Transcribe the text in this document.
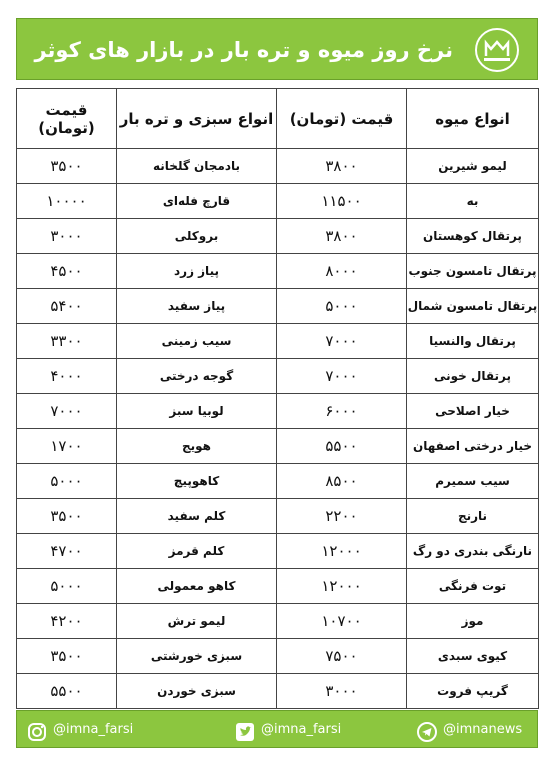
نرخ روز میوه و تره بار در بازار های کوثر
انواع میوه	قیمت (تومان)	انواع سبزی و تره بار	قیمت (تومان)
لیمو شیرین	۳۸۰۰	بادمجان گلخانه	۳۵۰۰
به	۱۱۵۰۰	قارچ فله‌ای	۱۰۰۰۰
پرتقال کوهستان	۳۸۰۰	بروکلی	۳۰۰۰
پرتقال تامسون جنوب	۸۰۰۰	پیاز زرد	۴۵۰۰
پرتقال تامسون شمال	۵۰۰۰	پیاز سفید	۵۴۰۰
پرتقال والنسیا	۷۰۰۰	سیب زمینی	۳۳۰۰
پرتقال خونی	۷۰۰۰	گوجه درختی	۴۰۰۰
خیار اصلاحی	۶۰۰۰	لوبیا سبز	۷۰۰۰
خیار درختی اصفهان	۵۵۰۰	هویج	۱۷۰۰
سیب سمیرم	۸۵۰۰	کاهوپیچ	۵۰۰۰
نارنج	۲۲۰۰	کلم سفید	۳۵۰۰
نارنگی بندری دو رگ	۱۲۰۰۰	کلم قرمز	۴۷۰۰
توت فرنگی	۱۲۰۰۰	کاهو معمولی	۵۰۰۰
موز	۱۰۷۰۰	لیمو ترش	۴۲۰۰
کیوی سبدی	۷۵۰۰	سبزی خورشتی	۳۵۰۰
گریپ فروت	۳۰۰۰	سبزی خوردن	۵۵۰۰
@imna_farsi	@imna_farsi	@imnanews
